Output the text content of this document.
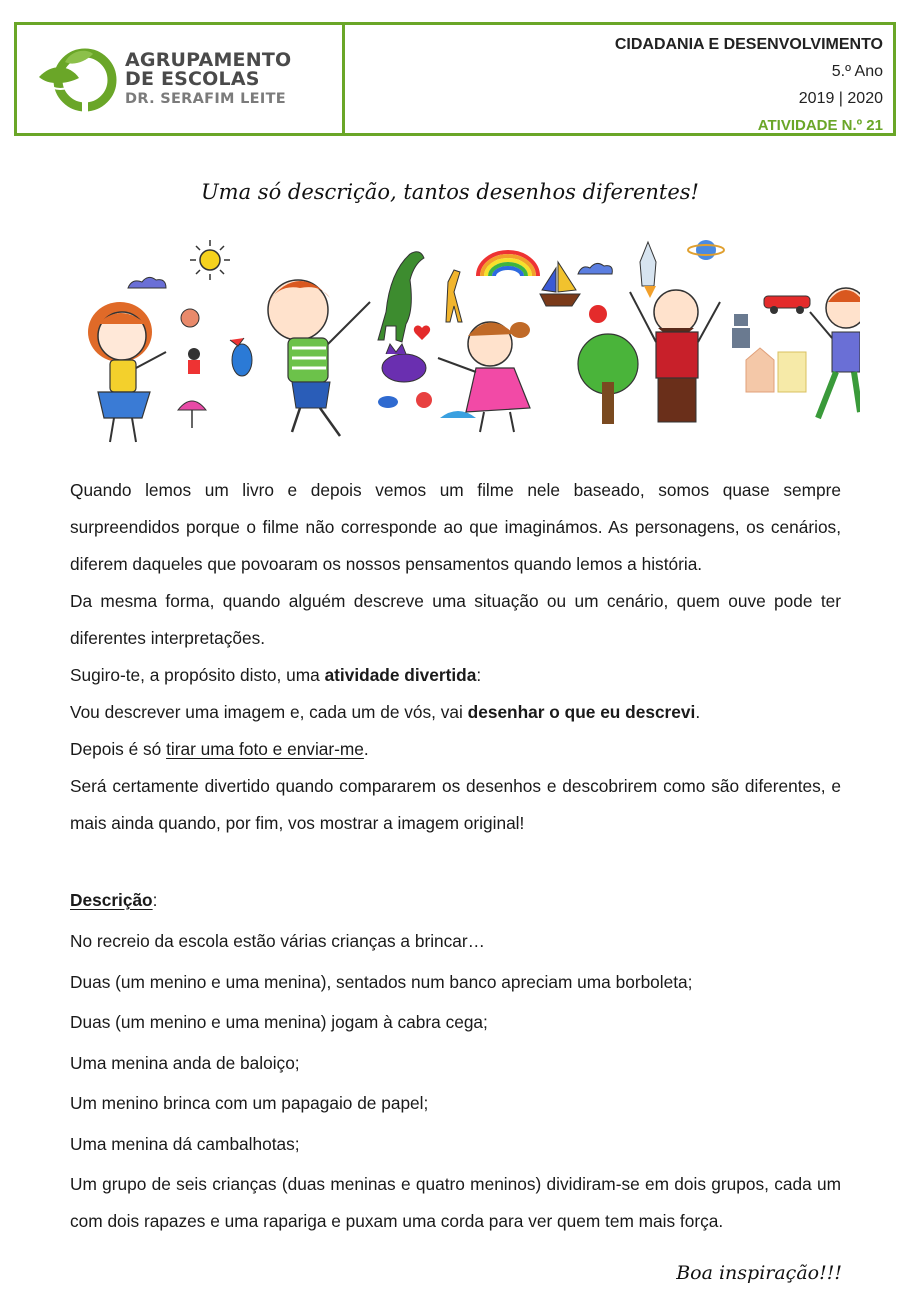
AGRUPAMENTO
DE ESCOLAS
DR. SERAFIM LEITE
CIDADANIA E DESENVOLVIMENTO
5.º Ano
2019 | 2020
ATIVIDADE N.º 21
Uma só descrição, tantos desenhos diferentes!

Quando lemos um livro e depois vemos um filme nele baseado, somos quase sempre surpreendidos porque o filme não corresponde ao que imaginámos. As personagens, os cenários, diferem daqueles que povoaram os nossos pensamentos quando lemos a história.

Da mesma forma, quando alguém descreve uma situação ou um cenário, quem ouve pode ter diferentes interpretações.

Sugiro-te, a propósito disto, uma atividade divertida:

Vou descrever uma imagem e, cada um de vós, vai desenhar o que eu descrevi.

Depois é só tirar uma foto e enviar-me.

Será certamente divertido quando compararem os desenhos e descobrirem como são diferentes, e mais ainda quando, por fim, vos mostrar a imagem original!

Descrição:

No recreio da escola estão várias crianças a brincar…

Duas (um menino e uma menina), sentados num banco apreciam uma borboleta;

Duas (um menino e uma menina) jogam à cabra cega;

Uma menina anda de baloiço;

Um menino brinca com um papagaio de papel;

Uma menina dá cambalhotas;

Um grupo de seis crianças (duas meninas e quatro meninos) dividiram-se em dois grupos, cada um com dois rapazes e uma rapariga e puxam uma corda para ver quem tem mais força.

Boa inspiração!!!
